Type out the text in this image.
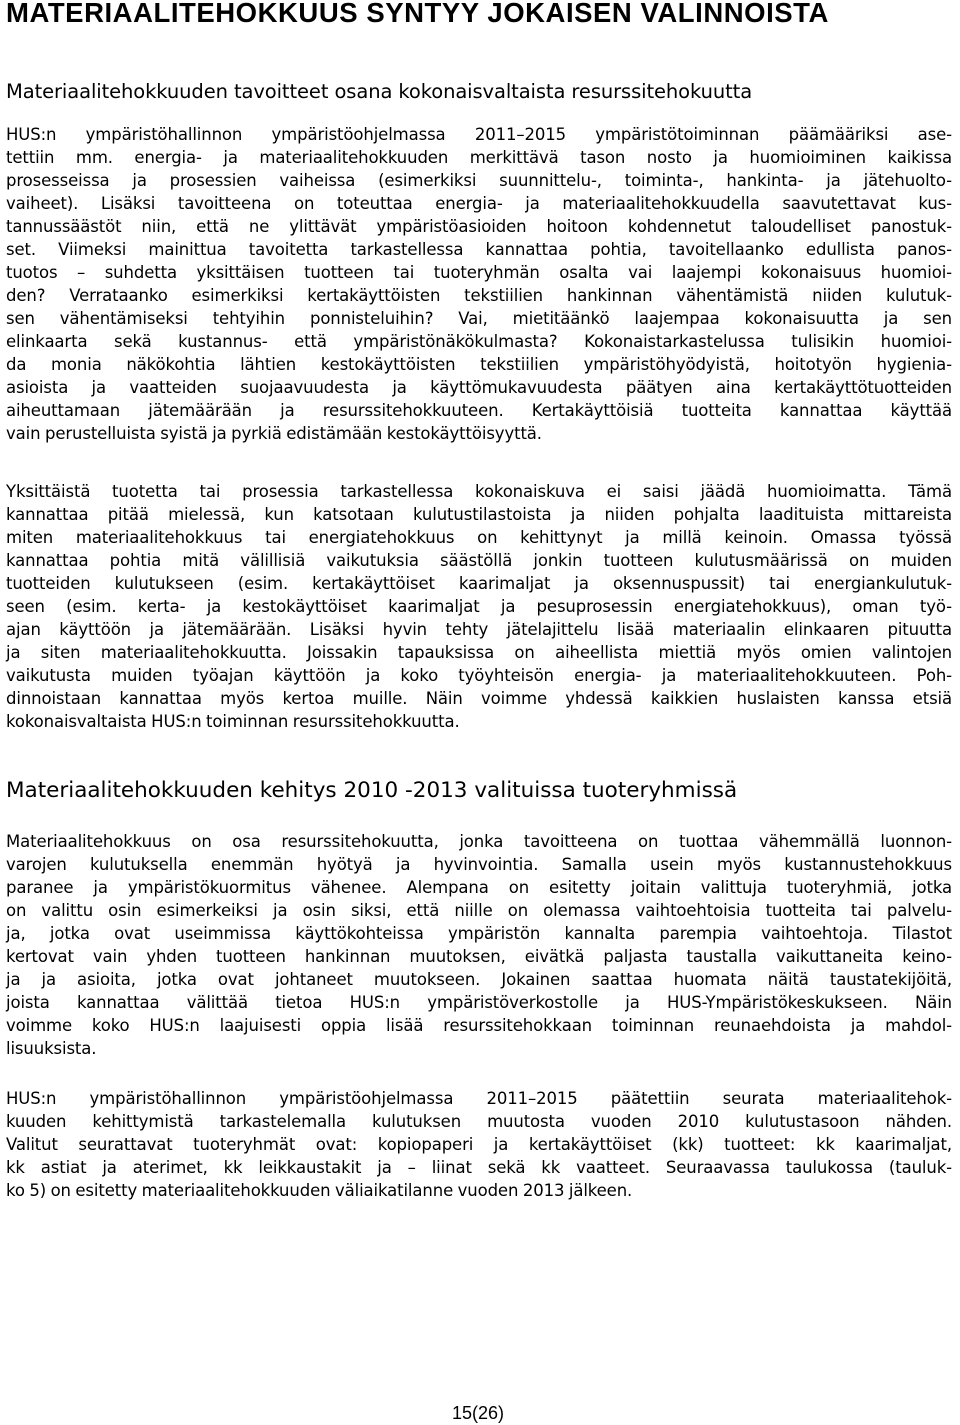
MATERIAALITEHOKKUUS SYNTYY JOKAISEN VALINNOISTA
Materiaalitehokkuuden tavoitteet osana kokonaisvaltaista resurssitehokuutta
HUS:n ympäristöhallinnon ympäristöohjelmassa 2011–2015 ympäristötoiminnan päämääriksi ase-
tettiin mm. energia- ja materiaalitehokkuuden merkittävä tason nosto ja huomioiminen kaikissa
prosesseissa ja prosessien vaiheissa (esimerkiksi suunnittelu-, toiminta-, hankinta- ja jätehuolto-
vaiheet). Lisäksi tavoitteena on toteuttaa energia- ja materiaalitehokkuudella saavutettavat kus-
tannussäästöt niin, että ne ylittävät ympäristöasioiden hoitoon kohdennetut taloudelliset panostuk-
set. Viimeksi mainittua tavoitetta tarkastellessa kannattaa pohtia, tavoitellaanko edullista panos-
tuotos – suhdetta yksittäisen tuotteen tai tuoteryhmän osalta vai laajempi kokonaisuus huomioi-
den? Verrataanko esimerkiksi kertakäyttöisten tekstiilien hankinnan vähentämistä niiden kulutuk-
sen vähentämiseksi tehtyihin ponnisteluihin? Vai, mietitäänkö laajempaa kokonaisuutta ja sen
elinkaarta sekä kustannus- että ympäristönäkökulmasta? Kokonaistarkastelussa tulisikin huomioi-
da monia näkökohtia lähtien kestokäyttöisten tekstiilien ympäristöhyödyistä, hoitotyön hygienia-
asioista ja vaatteiden suojaavuudesta ja käyttömukavuudesta päätyen aina kertakäyttötuotteiden
aiheuttamaan jätemäärään ja resurssitehokkuuteen. Kertakäyttöisiä tuotteita kannattaa käyttää
vain perustelluista syistä ja pyrkiä edistämään kestokäyttöisyyttä.
Yksittäistä tuotetta tai prosessia tarkastellessa kokonaiskuva ei saisi jäädä huomioimatta. Tämä
kannattaa pitää mielessä, kun katsotaan kulutustilastoista ja niiden pohjalta laadituista mittareista
miten materiaalitehokkuus tai energiatehokkuus on kehittynyt ja millä keinoin. Omassa työssä
kannattaa pohtia mitä välillisiä vaikutuksia säästöllä jonkin tuotteen kulutusmäärissä on muiden
tuotteiden kulutukseen (esim. kertakäyttöiset kaarimaljat ja oksennuspussit) tai energiankulutuk-
seen (esim. kerta- ja kestokäyttöiset kaarimaljat ja pesuprosessin energiatehokkuus), oman työ-
ajan käyttöön ja jätemäärään. Lisäksi hyvin tehty jätelajittelu lisää materiaalin elinkaaren pituutta
ja siten materiaalitehokkuutta. Joissakin tapauksissa on aiheellista miettiä myös omien valintojen
vaikutusta muiden työajan käyttöön ja koko työyhteisön energia- ja materiaalitehokkuuteen. Poh-
dinnoistaan kannattaa myös kertoa muille. Näin voimme yhdessä kaikkien huslaisten kanssa etsiä
kokonaisvaltaista HUS:n toiminnan resurssitehokkuutta.
Materiaalitehokkuuden kehitys 2010 -2013 valituissa tuoteryhmissä
Materiaalitehokkuus on osa resurssitehokuutta, jonka tavoitteena on tuottaa vähemmällä luonnon-
varojen kulutuksella enemmän hyötyä ja hyvinvointia. Samalla usein myös kustannustehokkuus
paranee ja ympäristökuormitus vähenee. Alempana on esitetty joitain valittuja tuoteryhmiä, jotka
on valittu osin esimerkeiksi ja osin siksi, että niille on olemassa vaihtoehtoisia tuotteita tai palvelu-
ja, jotka ovat useimmissa käyttökohteissa ympäristön kannalta parempia vaihtoehtoja. Tilastot
kertovat vain yhden tuotteen hankinnan muutoksen, eivätkä paljasta taustalla vaikuttaneita keino-
ja ja asioita, jotka ovat johtaneet muutokseen. Jokainen saattaa huomata näitä taustatekijöitä,
joista kannattaa välittää tietoa HUS:n ympäristöverkostolle ja HUS-Ympäristökeskukseen. Näin
voimme koko HUS:n laajuisesti oppia lisää resurssitehokkaan toiminnan reunaehdoista ja mahdol-
lisuuksista.
HUS:n ympäristöhallinnon ympäristöohjelmassa 2011–2015 päätettiin seurata materiaalitehok-
kuuden kehittymistä tarkastelemalla kulutuksen muutosta vuoden 2010 kulutustasoon nähden.
Valitut seurattavat tuoteryhmät ovat: kopiopaperi ja kertakäyttöiset (kk) tuotteet: kk kaarimaljat,
kk astiat ja aterimet, kk leikkaustakit ja – liinat sekä kk vaatteet. Seuraavassa taulukossa (tauluk-
ko 5) on esitetty materiaalitehokkuuden väliaikatilanne vuoden 2013 jälkeen.
15(26)
